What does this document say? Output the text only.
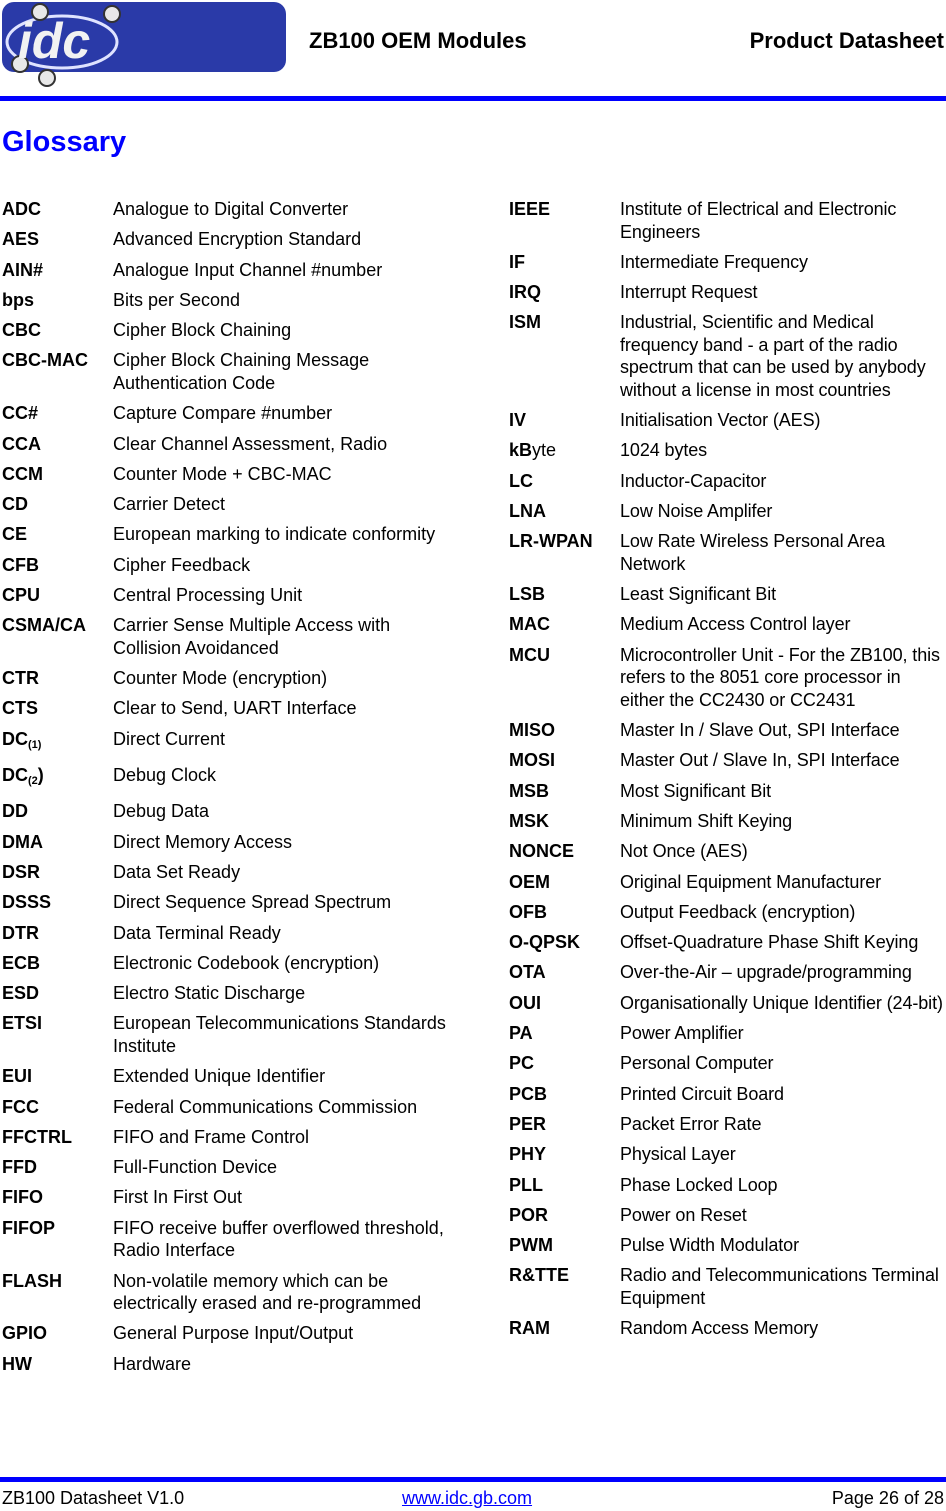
idc	ZB100 OEM Modules	Product Datasheet
Glossary
ADC	Analogue to Digital Converter
AES	Advanced Encryption Standard
AIN#	Analogue Input Channel #number
bps	Bits per Second
CBC	Cipher Block Chaining
CBC-MAC	Cipher Block Chaining Message Authentication Code
CC#	Capture Compare #number
CCA	Clear Channel Assessment, Radio
CCM	Counter Mode + CBC-MAC
CD	Carrier Detect
CE	European marking to indicate conformity
CFB	Cipher Feedback
CPU	Central Processing Unit
CSMA/CA	Carrier Sense Multiple Access with Collision Avoidanced
CTR	Counter Mode (encryption)
CTS	Clear to Send, UART Interface
$DC_{(1)}$	Direct Current
$DC_{(2}$)	Debug Clock
DD	Debug Data
DMA	Direct Memory Access
DSR	Data Set Ready
DSSS	Direct Sequence Spread Spectrum
DTR	Data Terminal Ready
ECB	Electronic Codebook (encryption)
ESD	Electro Static Discharge
ETSI	European Telecommunications Standards Institute
EUI	Extended Unique Identifier
FCC	Federal Communications Commission
FFCTRL	FIFO and Frame Control
FFD	Full-Function Device
FIFO	First In First Out
FIFOP	FIFO receive buffer overflowed threshold, Radio Interface
FLASH	Non-volatile memory which can be electrically erased and re-programmed
GPIO	General Purpose Input/Output
HW	Hardware
IEEE	Institute of Electrical and Electronic Engineers
IF	Intermediate Frequency
IRQ	Interrupt Request
ISM	Industrial, Scientific and Medical frequency band - a part of the radio spectrum that can be used by anybody without a license in most countries
IV	Initialisation Vector (AES)
kByte	1024 bytes
LC	Inductor-Capacitor
LNA	Low Noise Amplifer
LR-WPAN	Low Rate Wireless Personal Area Network
LSB	Least Significant Bit
MAC	Medium Access Control layer
MCU	Microcontroller Unit - For the ZB100, this refers to the 8051 core processor in either the CC2430 or CC2431
MISO	Master In / Slave Out, SPI Interface
MOSI	Master Out / Slave In, SPI Interface
MSB	Most Significant Bit
MSK	Minimum Shift Keying
NONCE	Not Once (AES)
OEM	Original Equipment Manufacturer
OFB	Output Feedback (encryption)
O-QPSK	Offset-Quadrature Phase Shift Keying
OTA	Over-the-Air – upgrade/programming
OUI	Organisationally Unique Identifier (24-bit)
PA	Power Amplifier
PC	Personal Computer
PCB	Printed Circuit Board
PER	Packet Error Rate
PHY	Physical Layer
PLL	Phase Locked Loop
POR	Power on Reset
PWM	Pulse Width Modulator
R&TTE	Radio and Telecommunications Terminal Equipment
RAM	Random Access Memory
ZB100 Datasheet V1.0	www.idc.gb.com	Page 26 of 28
